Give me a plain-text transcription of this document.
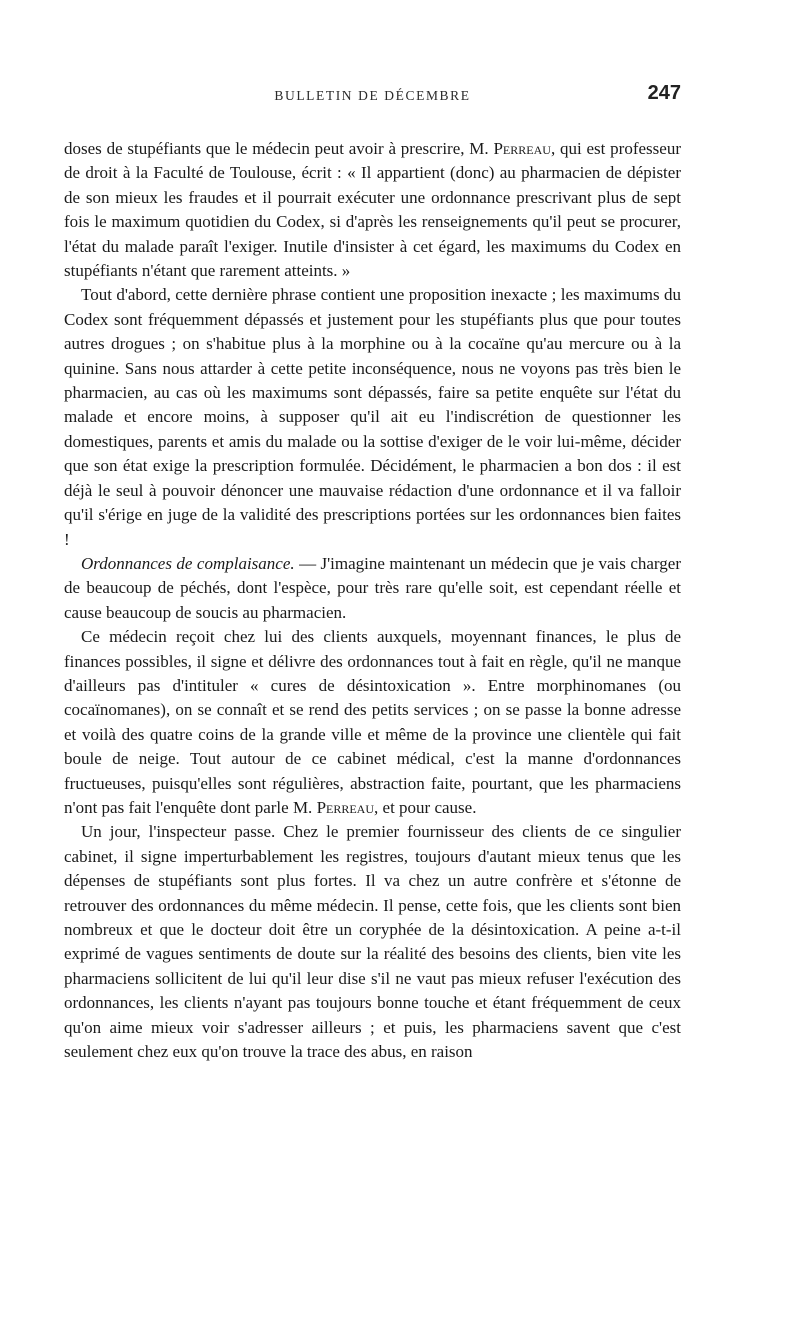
BULLETIN DE DÉCEMBRE	247

doses de stupéfiants que le médecin peut avoir à prescrire, M. Perreau, qui est professeur de droit à la Faculté de Toulouse, écrit : « Il appartient (donc) au pharmacien de dépister de son mieux les fraudes et il pourrait exécuter une ordonnance prescrivant plus de sept fois le maximum quotidien du Codex, si d'après les renseignements qu'il peut se procurer, l'état du malade paraît l'exiger. Inutile d'insister à cet égard, les maximums du Codex en stupéfiants n'étant que rarement atteints. »

Tout d'abord, cette dernière phrase contient une proposition inexacte ; les maximums du Codex sont fréquemment dépassés et justement pour les stupéfiants plus que pour toutes autres drogues ; on s'habitue plus à la morphine ou à la cocaïne qu'au mercure ou à la quinine. Sans nous attarder à cette petite inconséquence, nous ne voyons pas très bien le pharmacien, au cas où les maximums sont dépassés, faire sa petite enquête sur l'état du malade et encore moins, à supposer qu'il ait eu l'indiscrétion de questionner les domestiques, parents et amis du malade ou la sottise d'exiger de le voir lui-même, décider que son état exige la prescription formulée. Décidément, le pharmacien a bon dos : il est déjà le seul à pouvoir dénoncer une mauvaise rédaction d'une ordonnance et il va falloir qu'il s'érige en juge de la validité des prescriptions portées sur les ordonnances bien faites !

Ordonnances de complaisance. — J'imagine maintenant un médecin que je vais charger de beaucoup de péchés, dont l'espèce, pour très rare qu'elle soit, est cependant réelle et cause beaucoup de soucis au pharmacien.

Ce médecin reçoit chez lui des clients auxquels, moyennant finances, le plus de finances possibles, il signe et délivre des ordonnances tout à fait en règle, qu'il ne manque d'ailleurs pas d'intituler « cures de désintoxication ». Entre morphinomanes (ou cocaïnomanes), on se connaît et se rend des petits services ; on se passe la bonne adresse et voilà des quatre coins de la grande ville et même de la province une clientèle qui fait boule de neige. Tout autour de ce cabinet médical, c'est la manne d'ordonnances fructueuses, puisqu'elles sont régulières, abstraction faite, pourtant, que les pharmaciens n'ont pas fait l'enquête dont parle M. Perreau, et pour cause.

Un jour, l'inspecteur passe. Chez le premier fournisseur des clients de ce singulier cabinet, il signe imperturbablement les registres, toujours d'autant mieux tenus que les dépenses de stupéfiants sont plus fortes. Il va chez un autre confrère et s'étonne de retrouver des ordonnances du même médecin. Il pense, cette fois, que les clients sont bien nombreux et que le docteur doit être un coryphée de la désintoxication. A peine a-t-il exprimé de vagues sentiments de doute sur la réalité des besoins des clients, bien vite les pharmaciens sollicitent de lui qu'il leur dise s'il ne vaut pas mieux refuser l'exécution des ordonnances, les clients n'ayant pas toujours bonne touche et étant fréquemment de ceux qu'on aime mieux voir s'adresser ailleurs ; et puis, les pharmaciens savent que c'est seulement chez eux qu'on trouve la trace des abus, en raison
